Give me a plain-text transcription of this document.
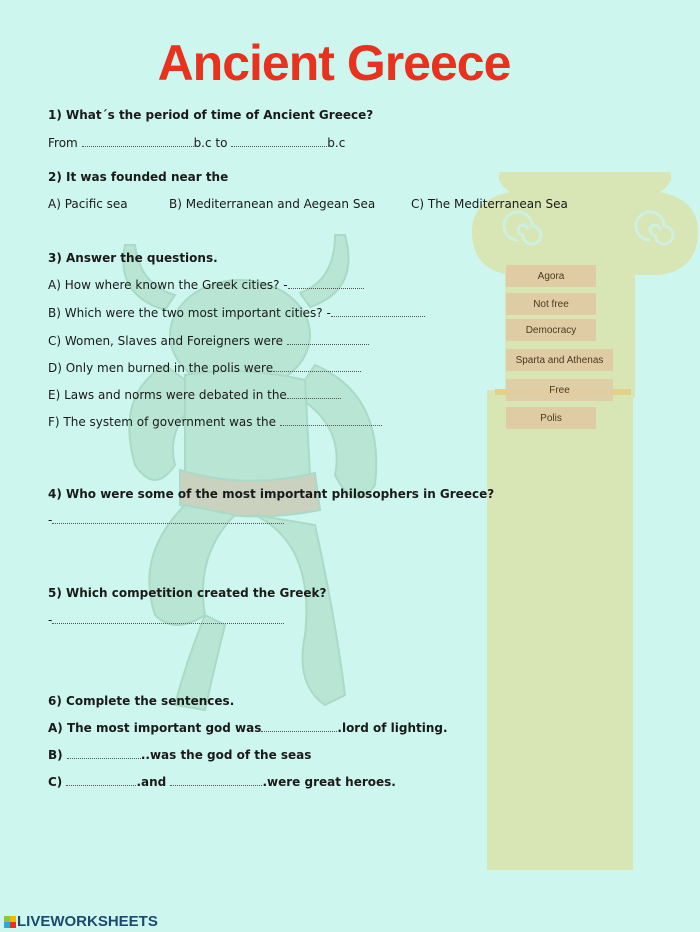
Ancient Greece
1) What´s the period of time of Ancient Greece?
From	b.c to	b.c
2) It was founded near the
A) Pacific sea	B) Mediterranean and Aegean Sea	C) The Mediterranean Sea
3) Answer the questions.
A) How where known the Greek cities? -
B) Which were the two most important cities? -
C) Women, Slaves and Foreigners were
D) Only men burned in the polis were
E) Laws and norms were debated in the
F) The system of government was the
4) Who were some of the most important philosophers in Greece?
-
5) Which competition created the Greek?
-
6) Complete the sentences.
A) The most important god was	.lord of lighting.
B)	..was the god of the seas
C)	.and	.were great heroes.
Agora
Not free
Democracy
Sparta and Athenas
Free
Polis
LIVEWORKSHEETS
